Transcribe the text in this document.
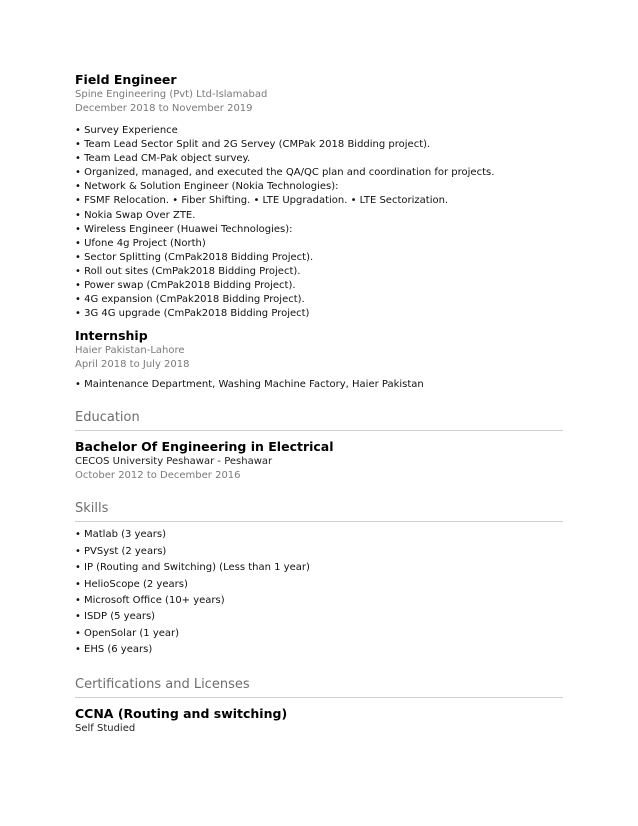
Field Engineer
Spine Engineering (Pvt) Ltd-Islamabad
December 2018 to November 2019
• Survey Experience
• Team Lead Sector Split and 2G Servey (CMPak 2018 Bidding project).
• Team Lead CM-Pak object survey.
• Organized, managed, and executed the QA/QC plan and coordination for projects.
• Network & Solution Engineer (Nokia Technologies):
• FSMF Relocation. • Fiber Shifting. • LTE Upgradation. • LTE Sectorization.
• Nokia Swap Over ZTE.
• Wireless Engineer (Huawei Technologies):
• Ufone 4g Project (North)
• Sector Splitting (CmPak2018 Bidding Project).
• Roll out sites (CmPak2018 Bidding Project).
• Power swap (CmPak2018 Bidding Project).
• 4G expansion (CmPak2018 Bidding Project).
• 3G 4G upgrade (CmPak2018 Bidding Project)
Internship
Haier Pakistan-Lahore
April 2018 to July 2018
• Maintenance Department, Washing Machine Factory, Haier Pakistan
Education
Bachelor Of Engineering in Electrical
CECOS University Peshawar - Peshawar
October 2012 to December 2016
Skills
• Matlab (3 years)
• PVSyst (2 years)
• IP (Routing and Switching) (Less than 1 year)
• HelioScope (2 years)
• Microsoft Office (10+ years)
• ISDP (5 years)
• OpenSolar (1 year)
• EHS (6 years)
Certifications and Licenses
CCNA (Routing and switching)
Self Studied
